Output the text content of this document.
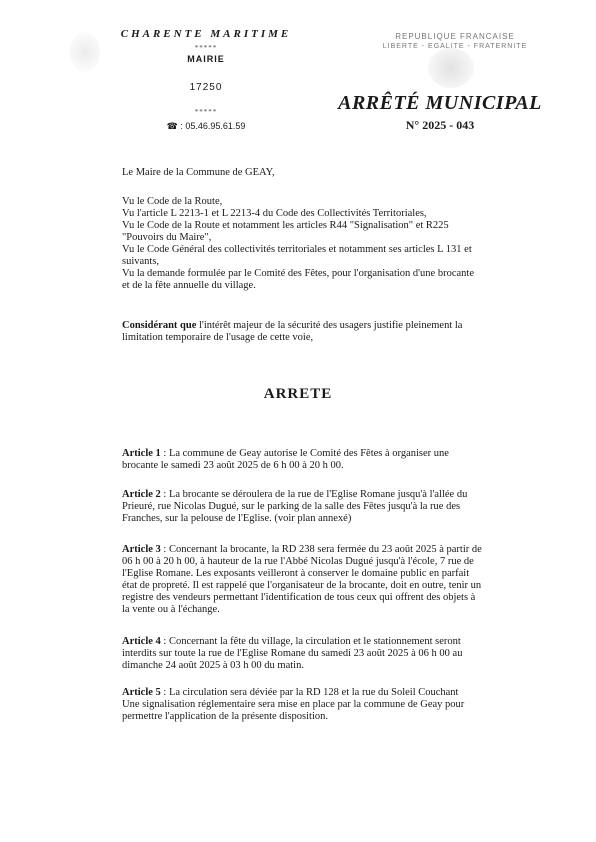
CHARENTE MARITIME
*****
MAIRIE
17250
*****
☎ : 05.46.95.61.59
REPUBLIQUE FRANCAISE
LIBERTE - EGALITE - FRATERNITE
ARRÊTÉ MUNICIPAL
N° 2025 - 043
Le Maire de la Commune de GEAY,
Vu le Code de la Route,
Vu l'article L 2213-1 et L 2213-4 du Code des Collectivités Territoriales,
Vu le Code de la Route et notamment les articles R44 "Signalisation" et R225
"Pouvoirs du Maire",
Vu le Code Général des collectivités territoriales et notamment ses articles L 131 et
suivants,
Vu la demande formulée par le Comité des Fêtes, pour l'organisation d'une brocante
et de la fête annuelle du village.
Considérant que l'intérêt majeur de la sécurité des usagers justifie pleinement la
limitation temporaire de l'usage de cette voie,
ARRETE
Article 1 : La commune de Geay autorise le Comité des Fêtes à organiser une
brocante le samedi 23 août 2025 de 6 h 00 à 20 h 00.
Article 2 : La brocante se déroulera de la rue de l'Eglise Romane jusqu'à l'allée du
Prieuré, rue Nicolas Dugué, sur le parking de la salle des Fêtes jusqu'à la rue des
Franches, sur la pelouse de l'Eglise. (voir plan annexé)
Article 3 : Concernant la brocante, la RD 238 sera fermée du 23 août 2025 à partir de
06 h 00 à 20 h 00, à hauteur de la rue l'Abbé Nicolas Dugué jusqu'à l'école, 7 rue de
l'Eglise Romane. Les exposants veilleront à conserver le domaine public en parfait
état de propreté. Il est rappelé que l'organisateur de la brocante, doit en outre, tenir un
registre des vendeurs permettant l'identification de tous ceux qui offrent des objets à
la vente ou à l'échange.
Article 4 : Concernant la fête du village, la circulation et le stationnement seront
interdits sur toute la rue de l'Eglise Romane du samedi 23 août 2025 à 06 h 00 au
dimanche 24 août 2025 à 03 h 00 du matin.
Article 5 : La circulation sera déviée par la RD 128 et la rue du Soleil Couchant
Une signalisation réglementaire sera mise en place par la commune de Geay pour
permettre l'application de la présente disposition.
